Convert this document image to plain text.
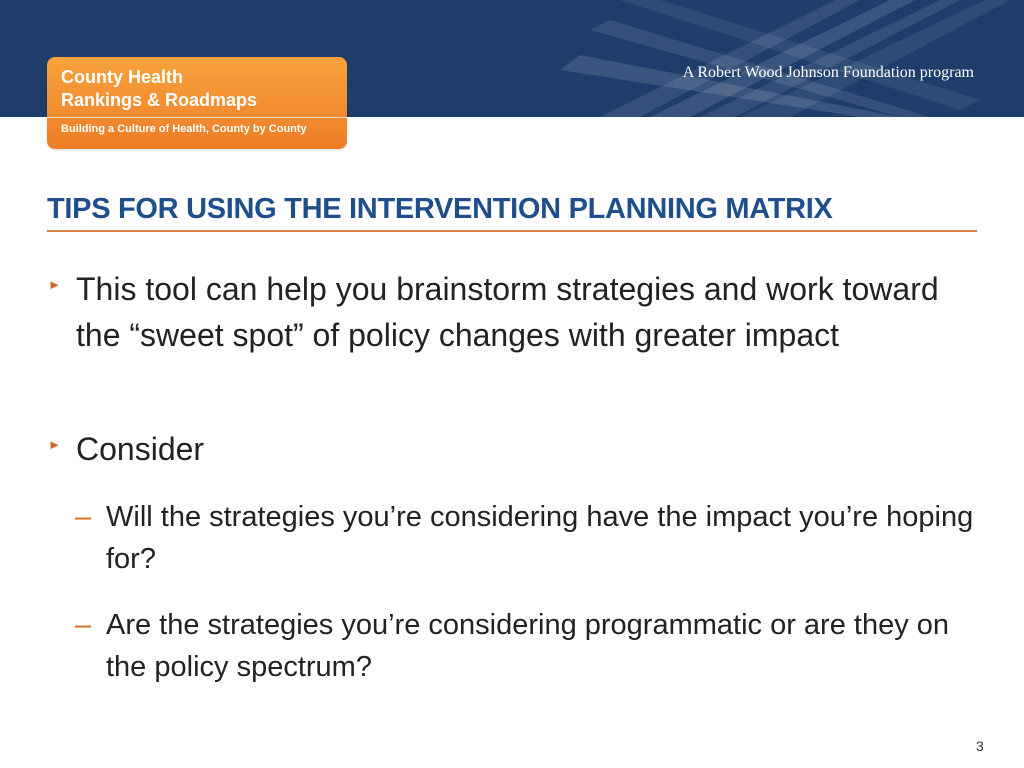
A Robert Wood Johnson Foundation program
County Health
Rankings & Roadmaps
Building a Culture of Health, County by County
TIPS FOR USING THE INTERVENTION PLANNING MATRIX
► This tool can help you brainstorm strategies and work toward the “sweet spot” of policy changes with greater impact
► Consider
– Will the strategies you’re considering have the impact you’re hoping for?
– Are the strategies you’re considering programmatic or are they on the policy spectrum?
3
